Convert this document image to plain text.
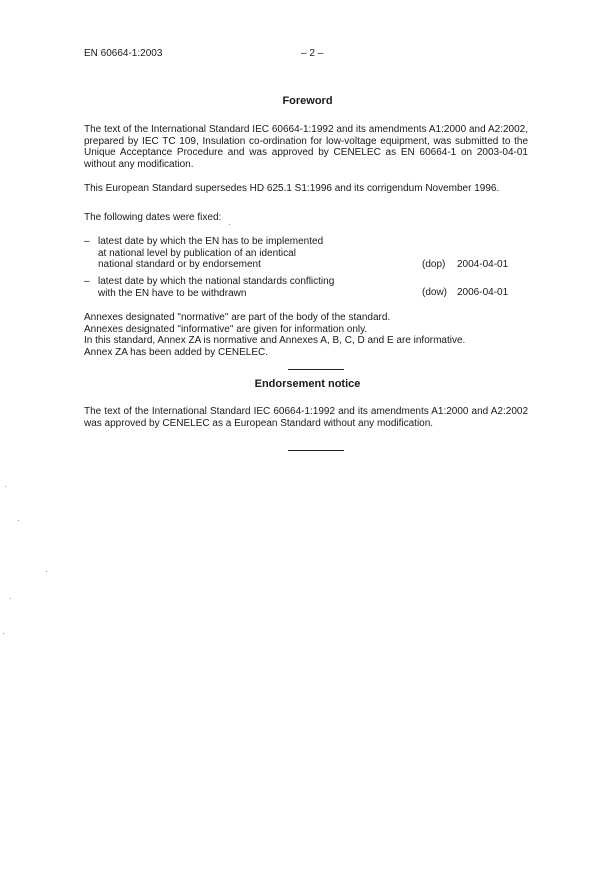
EN 60664-1:2003	– 2 –
Foreword
The text of the International Standard IEC 60664-1:1992 and its amendments A1:2000 and A2:2002, prepared by IEC TC 109, Insulation co-ordination for low-voltage equipment, was submitted to the Unique Acceptance Procedure and was approved by CENELEC as EN 60664-1 on 2003-04-01 without any modification.
This European Standard supersedes HD 625.1 S1:1996 and its corrigendum November 1996.
The following dates were fixed:
– latest date by which the EN has to be implemented
at national level by publication of an identical
national standard or by endorsement	(dop) 2004-04-01
– latest date by which the national standards conflicting
with the EN have to be withdrawn	(dow) 2006-04-01
Annexes designated "normative" are part of the body of the standard.
Annexes designated "informative" are given for information only.
In this standard, Annex ZA is normative and Annexes A, B, C, D and E are informative.
Annex ZA has been added by CENELEC.
Endorsement notice
The text of the International Standard IEC 60664-1:1992 and its amendments A1:2000 and A2:2002 was approved by CENELEC as a European Standard without any modification.
